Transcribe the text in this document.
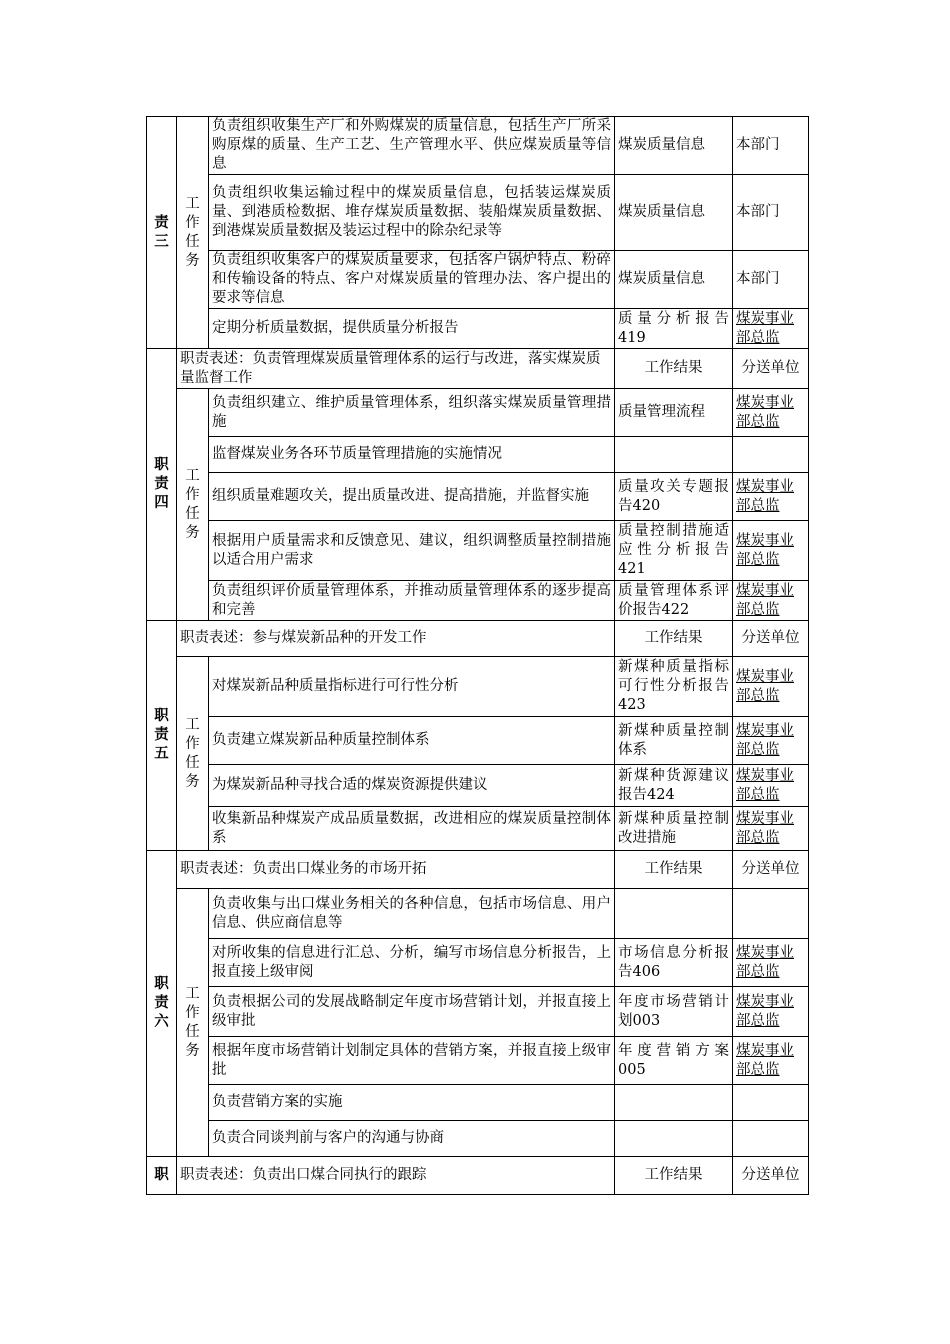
责三	工作任务	负责组织收集生产厂和外购煤炭的质量信息，包括生产厂所采购原煤的质量、生产工艺、生产管理水平、供应煤炭质量等信息	煤炭质量信息	本部门
		负责组织收集运输过程中的煤炭质量信息，包括装运煤炭质量、到港质检数据、堆存煤炭质量数据、装船煤炭质量数据、到港煤炭质量数据及装运过程中的除杂纪录等	煤炭质量信息	本部门
		负责组织收集客户的煤炭质量要求，包括客户锅炉特点、粉碎和传输设备的特点、客户对煤炭质量的管理办法、客户提出的要求等信息	煤炭质量信息	本部门
		定期分析质量数据，提供质量分析报告	质量分析报告419	煤炭事业部总监
职责四	职责表述：负责管理煤炭质量管理体系的运行与改进，落实煤炭质量监督工作		工作结果	分送单位
	工作任务	负责组织建立、维护质量管理体系，组织落实煤炭质量管理措施	质量管理流程	煤炭事业部总监
		监督煤炭业务各环节质量管理措施的实施情况		
		组织质量难题攻关，提出质量改进、提高措施，并监督实施	质量攻关专题报告420	煤炭事业部总监
		根据用户质量需求和反馈意见、建议，组织调整质量控制措施以适合用户需求	质量控制措施适应性分析报告421	煤炭事业部总监
		负责组织评价质量管理体系，并推动质量管理体系的逐步提高和完善	质量管理体系评价报告422	煤炭事业部总监
职责五	职责表述：参与煤炭新品种的开发工作		工作结果	分送单位
	工作任务	对煤炭新品种质量指标进行可行性分析	新煤种质量指标可行性分析报告423	煤炭事业部总监
		负责建立煤炭新品种质量控制体系	新煤种质量控制体系	煤炭事业部总监
		为煤炭新品种寻找合适的煤炭资源提供建议	新煤种货源建议报告424	煤炭事业部总监
		收集新品种煤炭产成品质量数据，改进相应的煤炭质量控制体系	新煤种质量控制改进措施	煤炭事业部总监
职责六	职责表述：负责出口煤业务的市场开拓		工作结果	分送单位
	工作任务	负责收集与出口煤业务相关的各种信息，包括市场信息、用户信息、供应商信息等		
		对所收集的信息进行汇总、分析，编写市场信息分析报告，上报直接上级审阅	市场信息分析报告406	煤炭事业部总监
		负责根据公司的发展战略制定年度市场营销计划，并报直接上级审批	年度市场营销计划003	煤炭事业部总监
		根据年度市场营销计划制定具体的营销方案，并报直接上级审批	年度营销方案005	煤炭事业部总监
		负责营销方案的实施		
		负责合同谈判前与客户的沟通与协商		
职	职责表述：负责出口煤合同执行的跟踪		工作结果	分送单位
